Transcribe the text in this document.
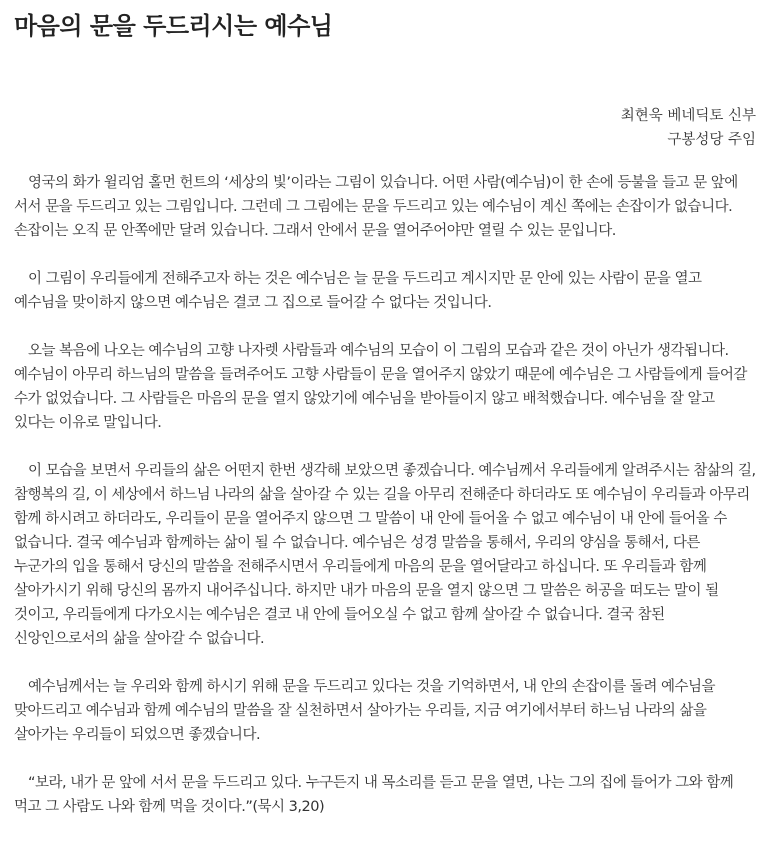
마음의 문을 두드리시는 예수님
최현욱 베네딕토 신부
구봉성당 주임

영국의 화가 윌리엄 홀먼 헌트의 ‘세상의 빛’이라는 그림이 있습니다. 어떤 사람(예수님)이 한 손에 등불을 들고 문 앞에 서서 문을 두드리고 있는 그림입니다. 그런데 그 그림에는 문을 두드리고 있는 예수님이 계신 쪽에는 손잡이가 없습니다. 손잡이는 오직 문 안쪽에만 달려 있습니다. 그래서 안에서 문을 열어주어야만 열릴 수 있는 문입니다.

이 그림이 우리들에게 전해주고자 하는 것은 예수님은 늘 문을 두드리고 계시지만 문 안에 있는 사람이 문을 열고 예수님을 맞이하지 않으면 예수님은 결코 그 집으로 들어갈 수 없다는 것입니다.

오늘 복음에 나오는 예수님의 고향 나자렛 사람들과 예수님의 모습이 이 그림의 모습과 같은 것이 아닌가 생각됩니다. 예수님이 아무리 하느님의 말씀을 들려주어도 고향 사람들이 문을 열어주지 않았기 때문에 예수님은 그 사람들에게 들어갈 수가 없었습니다. 그 사람들은 마음의 문을 열지 않았기에 예수님을 받아들이지 않고 배척했습니다. 예수님을 잘 알고 있다는 이유로 말입니다.

이 모습을 보면서 우리들의 삶은 어떤지 한번 생각해 보았으면 좋겠습니다. 예수님께서 우리들에게 알려주시는 참삶의 길, 참행복의 길, 이 세상에서 하느님 나라의 삶을 살아갈 수 있는 길을 아무리 전해준다 하더라도 또 예수님이 우리들과 아무리 함께 하시려고 하더라도, 우리들이 문을 열어주지 않으면 그 말씀이 내 안에 들어올 수 없고 예수님이 내 안에 들어올 수 없습니다. 결국 예수님과 함께하는 삶이 될 수 없습니다. 예수님은 성경 말씀을 통해서, 우리의 양심을 통해서, 다른 누군가의 입을 통해서 당신의 말씀을 전해주시면서 우리들에게 마음의 문을 열어달라고 하십니다. 또 우리들과 함께 살아가시기 위해 당신의 몸까지 내어주십니다. 하지만 내가 마음의 문을 열지 않으면 그 말씀은 허공을 떠도는 말이 될 것이고, 우리들에게 다가오시는 예수님은 결코 내 안에 들어오실 수 없고 함께 살아갈 수 없습니다. 결국 참된 신앙인으로서의 삶을 살아갈 수 없습니다.

예수님께서는 늘 우리와 함께 하시기 위해 문을 두드리고 있다는 것을 기억하면서, 내 안의 손잡이를 돌려 예수님을 맞아드리고 예수님과 함께 예수님의 말씀을 잘 실천하면서 살아가는 우리들, 지금 여기에서부터 하느님 나라의 삶을 살아가는 우리들이 되었으면 좋겠습니다.

“보라, 내가 문 앞에 서서 문을 두드리고 있다. 누구든지 내 목소리를 듣고 문을 열면, 나는 그의 집에 들어가 그와 함께 먹고 그 사람도 나와 함께 먹을 것이다.”(묵시 3,20)
